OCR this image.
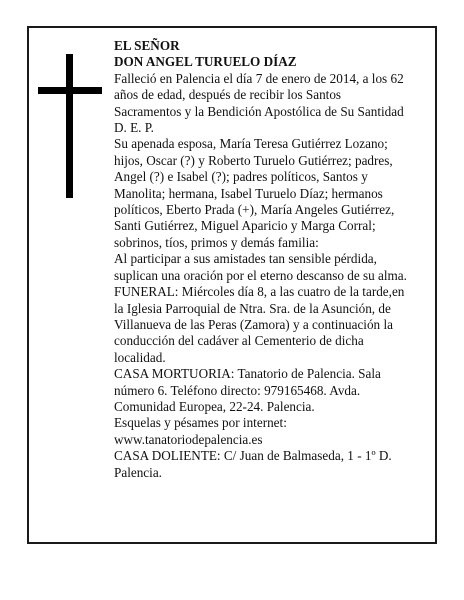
EL SEÑOR
DON ANGEL TURUELO DÍAZ
Falleció en Palencia el día 7 de enero de 2014, a los 62
años de edad, después de recibir los Santos
Sacramentos y la Bendición Apostólica de Su Santidad
D. E. P.
Su apenada esposa, María Teresa Gutiérrez Lozano;
hijos, Oscar (?) y Roberto Turuelo Gutiérrez; padres,
Angel (?) e Isabel (?); padres políticos, Santos y
Manolita; hermana, Isabel Turuelo Díaz; hermanos
políticos, Eberto Prada (+), María Angeles Gutiérrez,
Santi Gutiérrez, Miguel Aparicio y Marga Corral;
sobrinos, tíos, primos y demás familia:
Al participar a sus amistades tan sensible pérdida,
suplican una oración por el eterno descanso de su alma.
FUNERAL: Miércoles día 8, a las cuatro de la tarde,en
la Iglesia Parroquial de Ntra. Sra. de la Asunción, de
Villanueva de las Peras (Zamora) y a continuación la
conducción del cadáver al Cementerio de dicha
localidad.
CASA MORTUORIA: Tanatorio de Palencia. Sala
número 6. Teléfono directo: 979165468. Avda.
Comunidad Europea, 22-24. Palencia.
Esquelas y pésames por internet:
www.tanatoriodepalencia.es
CASA DOLIENTE: C/ Juan de Balmaseda, 1 - 1º D.
Palencia.
